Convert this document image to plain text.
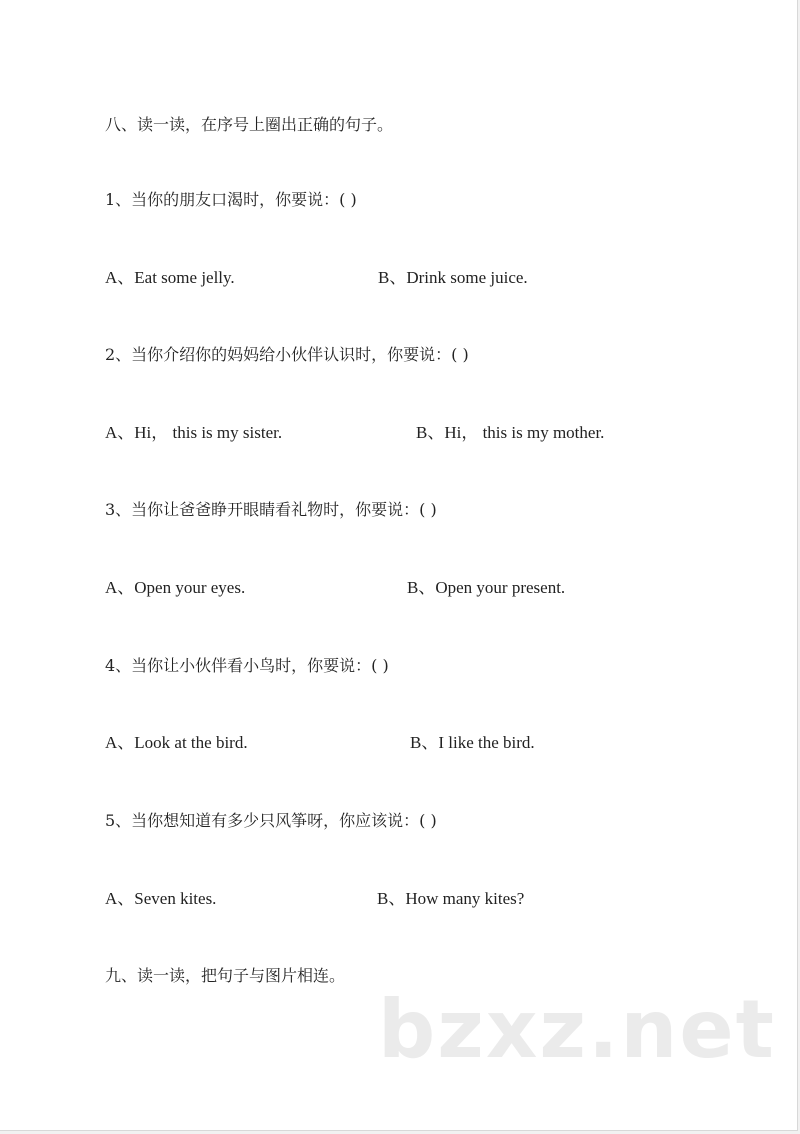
八、读一读，在序号上圈出正确的句子。
1、当你的朋友口渴时，你要说：( )
A、Eat some jelly.	B、Drink some juice.
2、当你介绍你的妈妈给小伙伴认识时，你要说：( )
A、Hi， this is my sister.	B、Hi， this is my mother.
3、当你让爸爸睁开眼睛看礼物时，你要说：( )
A、Open your eyes.	B、Open your present.
4、当你让小伙伴看小鸟时，你要说：( )
A、Look at the bird.	B、I like the bird.
5、当你想知道有多少只风筝呀，你应该说：( )
A、Seven kites.	B、How many kites?
九、读一读，把句子与图片相连。
bzxz.net
